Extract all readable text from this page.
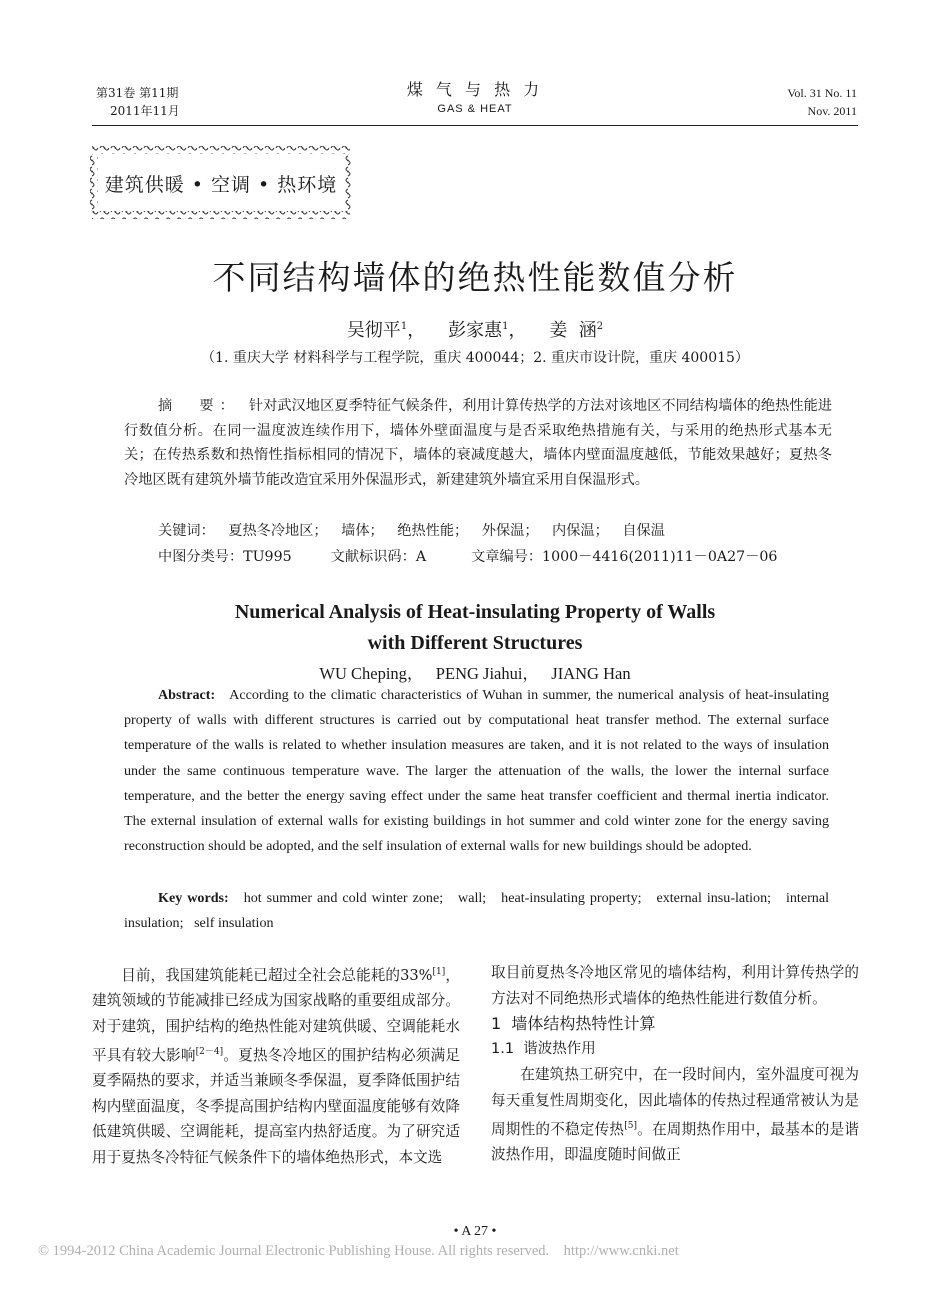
第31卷 第11期
2011年11月
煤 气 与 热 力
GAS & HEAT
Vol. 31 No. 11
Nov. 2011
建筑供暖 • 空调 • 热环境
不同结构墙体的绝热性能数值分析
吴彻平$^1$，    彭家惠$^1$，    姜  涵$^2$
（1. 重庆大学 材料科学与工程学院，重庆 400044；2. 重庆市设计院，重庆 400015）
摘  要： 针对武汉地区夏季特征气候条件，利用计算传热学的方法对该地区不同结构墙体的绝热性能进行数值分析。在同一温度波连续作用下，墙体外壁面温度与是否采取绝热措施有关，与采用的绝热形式基本无关；在传热系数和热惰性指标相同的情况下，墙体的衰减度越大，墙体内壁面温度越低，节能效果越好；夏热冬冷地区既有建筑外墙节能改造宜采用外保温形式，新建建筑外墙宜采用自保温形式。
关键词： 夏热冬冷地区； 墙体； 绝热性能； 外保温； 内保温； 自保温
中图分类号：TU995	文献标识码：A	文章编号：1000－4416(2011)11－0A27－06
Numerical Analysis of Heat-insulating Property of Walls
with Different Structures
WU Cheping，   PENG Jiahui，   JIANG Han
Abstract: According to the climatic characteristics of Wuhan in summer, the numerical analysis of heat-insulating property of walls with different structures is carried out by computational heat transfer method. The external surface temperature of the walls is related to whether insulation measures are taken, and it is not related to the ways of insulation under the same continuous temperature wave. The larger the attenuation of the walls, the lower the internal surface temperature, and the better the energy saving effect under the same heat transfer coefficient and thermal inertia indicator. The external insulation of external walls for existing buildings in hot summer and cold winter zone for the energy saving reconstruction should be adopted, and the self insulation of external walls for new buildings should be adopted.
Key words: hot summer and cold winter zone;   wall;   heat-insulating property;   external insu-lation;   internal insulation;   self insulation
目前，我国建筑能耗已超过全社会总能耗的33%[1]，建筑领域的节能减排已经成为国家战略的重要组成部分。对于建筑，围护结构的绝热性能对建筑供暖、空调能耗水平具有较大影响[2－4]。夏热冬冷地区的围护结构必须满足夏季隔热的要求，并适当兼顾冬季保温，夏季降低围护结构内壁面温度，冬季提高围护结构内壁面温度能够有效降低建筑供暖、空调能耗，提高室内热舒适度。为了研究适用于夏热冬冷特征气候条件下的墙体绝热形式，本文选
取目前夏热冬冷地区常见的墙体结构，利用计算传热学的方法对不同绝热形式墙体的绝热性能进行数值分析。
1  墙体结构热特性计算
1.1  谐波热作用
在建筑热工研究中，在一段时间内，室外温度可视为每天重复性周期变化，因此墙体的传热过程通常被认为是周期性的不稳定传热[5]。在周期热作用中，最基本的是谐波热作用，即温度随时间做正
• A 27 •
© 1994-2012 China Academic Journal Electronic Publishing House. All rights reserved.    http://www.cnki.net
